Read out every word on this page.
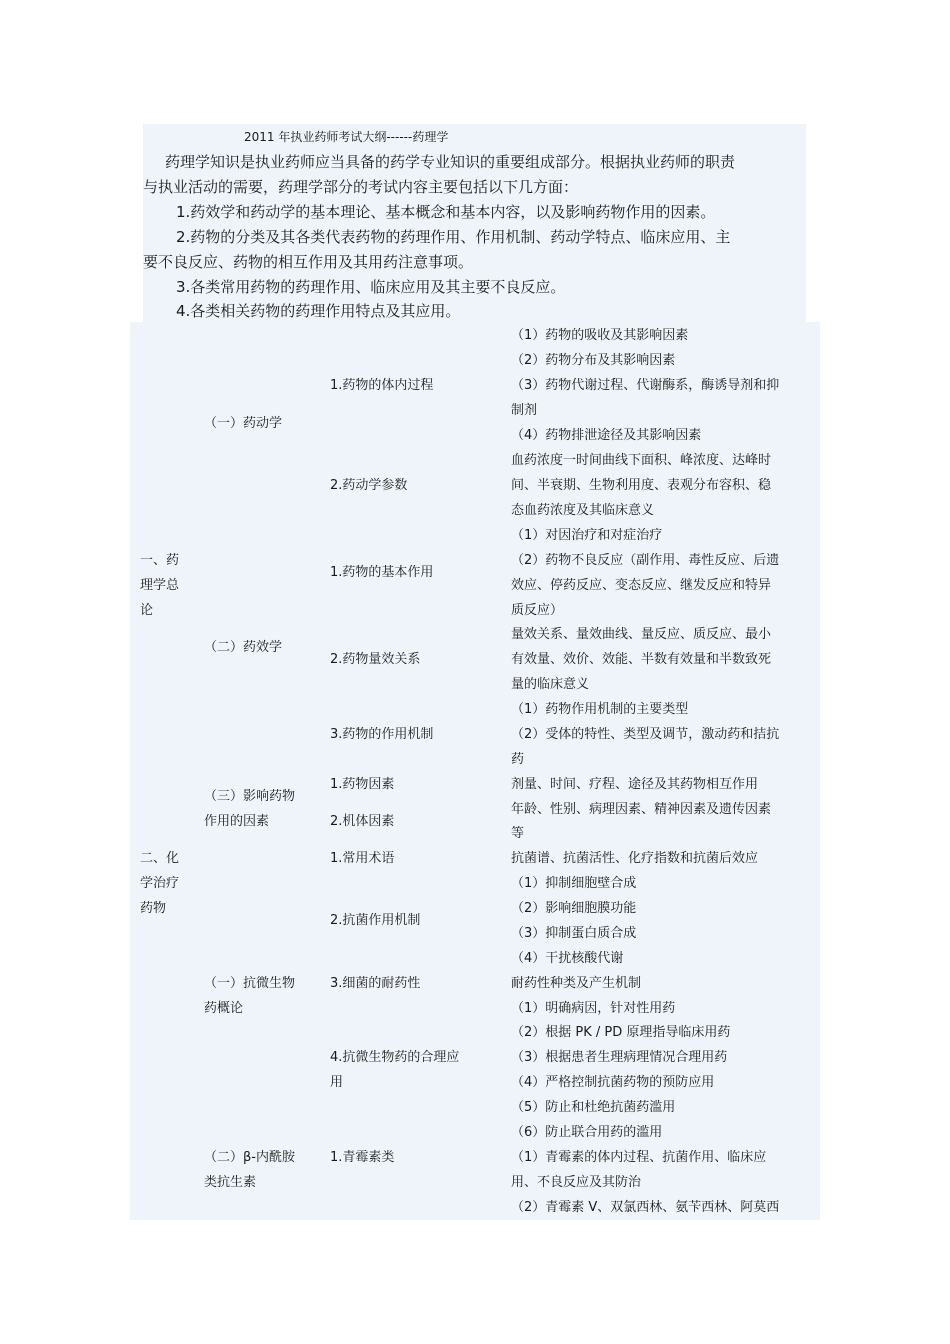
2011 年执业药师考试大纲------药理学
药理学知识是执业药师应当具备的药学专业知识的重要组成部分。根据执业药师的职责
与执业活动的需要，药理学部分的考试内容主要包括以下几方面：
1.药效学和药动学的基本理论、基本概念和基本内容，以及影响药物作用的因素。
2.药物的分类及其各类代表药物的药理作用、作用机制、药动学特点、临床应用、主
要不良反应、药物的相互作用及其用药注意事项。
3.各类常用药物的药理作用、临床应用及其主要不良反应。
4.各类相关药物的药理作用特点及其应用。
一、药
理学总
论
二、化
学治疗
药物
（一）药动学
（二）药效学
（三）影响药物
作用的因素
（一）抗微生物
药概论
（二）β-内酰胺
类抗生素
1.药物的体内过程
2.药动学参数
1.药物的基本作用
2.药物量效关系
3.药物的作用机制
1.药物因素
2.机体因素
1.常用术语
2.抗菌作用机制
3.细菌的耐药性
4.抗微生物药的合理应
用
1.青霉素类
（1）药物的吸收及其影响因素
（2）药物分布及其影响因素
（3）药物代谢过程、代谢酶系，酶诱导剂和抑
制剂
（4）药物排泄途径及其影响因素
血药浓度一时间曲线下面积、峰浓度、达峰时
间、半衰期、生物利用度、表观分布容积、稳
态血药浓度及其临床意义
（1）对因治疗和对症治疗
（2）药物不良反应（副作用、毒性反应、后遗
效应、停药反应、变态反应、继发反应和特异
质反应）
量效关系、量效曲线、量反应、质反应、最小
有效量、效价、效能、半数有效量和半数致死
量的临床意义
（1）药物作用机制的主要类型
（2）受体的特性、类型及调节，激动药和拮抗
药
剂量、时间、疗程、途径及其药物相互作用
年龄、性别、病理因素、精神因素及遗传因素
等
抗菌谱、抗菌活性、化疗指数和抗菌后效应
（1）抑制细胞壁合成
（2）影响细胞膜功能
（3）抑制蛋白质合成
（4）干扰核酸代谢
耐药性种类及产生机制
（1）明确病因，针对性用药
（2）根据 PK / PD 原理指导临床用药
（3）根据患者生理病理情况合理用药
（4）严格控制抗菌药物的预防应用
（5）防止和杜绝抗菌药滥用
（6）防止联合用药的滥用
（1）青霉素的体内过程、抗菌作用、临床应
用、不良反应及其防治
（2）青霉素 V、双氯西林、氨苄西林、阿莫西
